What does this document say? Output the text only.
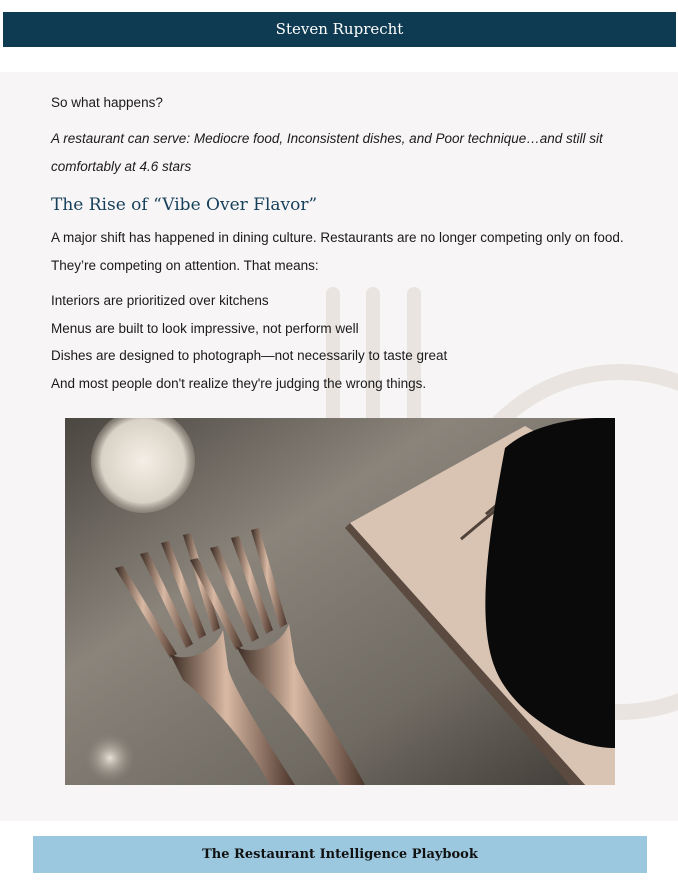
Steven Ruprecht
So what happens?
A restaurant can serve: Mediocre food, Inconsistent dishes, and Poor technique…and still sit comfortably at 4.6 stars
The Rise of “Vibe Over Flavor”
A major shift has happened in dining culture. Restaurants are no longer competing only on food. They’re competing on attention. That means:
Interiors are prioritized over kitchens
Menus are built to look impressive, not perform well
Dishes are designed to photograph—not necessarily to taste great
And most people don't realize they're judging the wrong things.
The Restaurant Intelligence Playbook
